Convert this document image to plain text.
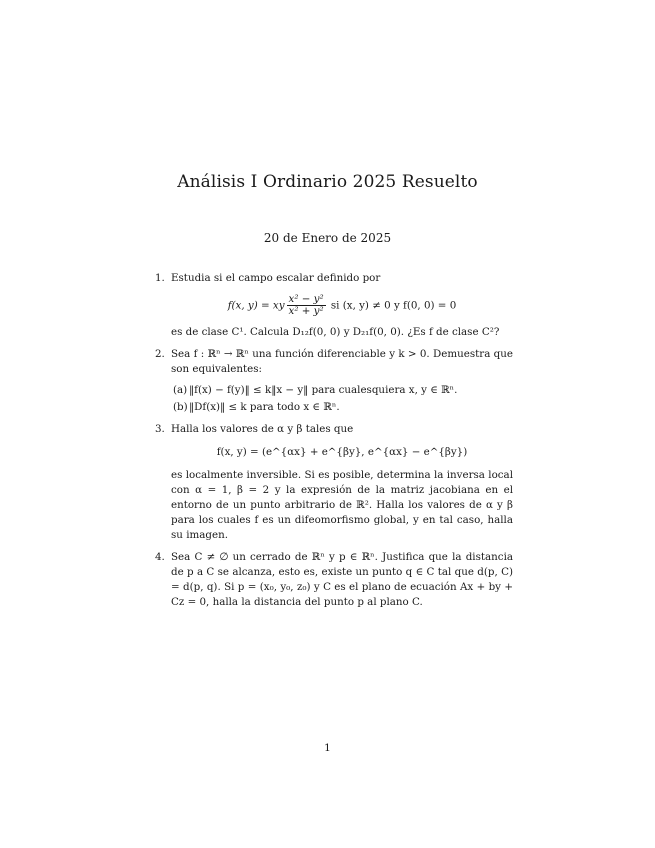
Análisis I Ordinario 2025 Resuelto
20 de Enero de 2025
1. Estudia si el campo escalar definido por
f(x, y) = xy $\frac{\text{x² − y²}}{\text{x² + y²}}$ si (x, y) ≠ 0 y f(0, 0) = 0
es de clase C¹. Calcula D₁₂f(0, 0) y D₂₁f(0, 0). ¿Es f de clase C²?
2. Sea f : ℝⁿ → ℝⁿ una función diferenciable y k > 0. Demuestra que son equivalentes:
(a) ‖f(x) − f(y)‖ ≤ k‖x − y‖ para cualesquiera x, y ∈ ℝⁿ.
(b) ‖Df(x)‖ ≤ k para todo x ∈ ℝⁿ.
3. Halla los valores de α y β tales que
f(x, y) = (e^{αx} + e^{βy}, e^{αx} − e^{βy})
es localmente inversible. Si es posible, determina la inversa local con α = 1, β = 2 y la expresión de la matriz jacobiana en el entorno de un punto arbitrario de ℝ². Halla los valores de α y β para los cuales f es un difeomorfismo global, y en tal caso, halla su imagen.
4. Sea C ≠ ∅ un cerrado de ℝⁿ y p ∈ ℝⁿ. Justifica que la distancia de p a C se alcanza, esto es, existe un punto q ∈ C tal que d(p, C) = d(p, q). Si p = (x₀, y₀, z₀) y C es el plano de ecuación Ax + by + Cz = 0, halla la distancia del punto p al plano C.
1
